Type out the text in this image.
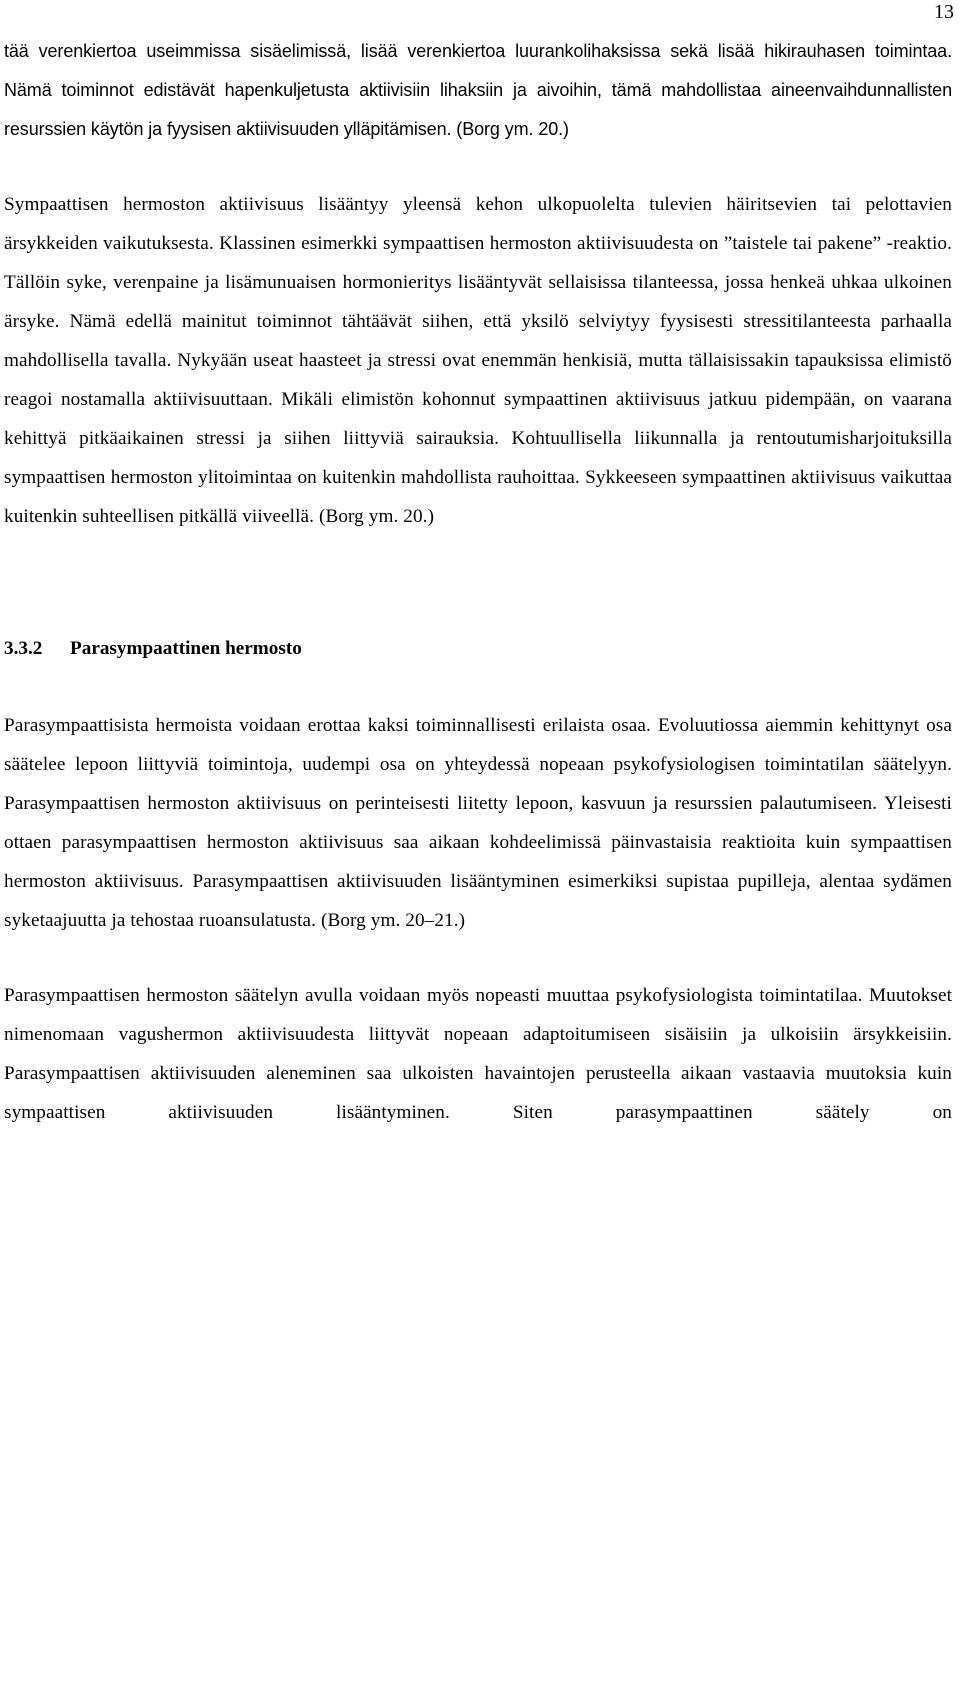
13

tää verenkiertoa useimmissa sisäelimissä, lisää verenkiertoa luurankolihaksissa sekä lisää hikirauhasen toimintaa. Nämä toiminnot edistävät hapenkuljetusta aktiivisiin lihaksiin ja aivoihin, tämä mahdollistaa aineenvaihdunnallisten resurssien käytön ja fyysisen aktiivisuuden ylläpitämisen. (Borg ym. 20.)

Sympaattisen hermoston aktiivisuus lisääntyy yleensä kehon ulkopuolelta tulevien häiritsevien tai pelottavien ärsykkeiden vaikutuksesta. Klassinen esimerkki sympaattisen hermoston aktiivisuudesta on ”taistele tai pakene” -reaktio. Tällöin syke, verenpaine ja lisämunuaisen hormonieritys lisääntyvät sellaisissa tilanteessa, jossa henkeä uhkaa ulkoinen ärsyke. Nämä edellä mainitut toiminnot tähtäävät siihen, että yksilö selviytyy fyysisesti stressitilanteesta parhaalla mahdollisella tavalla. Nykyään useat haasteet ja stressi ovat enemmän henkisiä, mutta tällaisissakin tapauksissa elimistö reagoi nostamalla aktiivisuuttaan. Mikäli elimistön kohonnut sympaattinen aktiivisuus jatkuu pidempään, on vaarana kehittyä pitkäaikainen stressi ja siihen liittyviä sairauksia. Kohtuullisella liikunnalla ja rentoutumisharjoituksilla sympaattisen hermoston ylitoimintaa on kuitenkin mahdollista rauhoittaa. Sykkeeseen sympaattinen aktiivisuus vaikuttaa kuitenkin suhteellisen pitkällä viiveellä. (Borg ym. 20.)

3.3.2	Parasympaattinen hermosto

Parasympaattisista hermoista voidaan erottaa kaksi toiminnallisesti erilaista osaa. Evoluutiossa aiemmin kehittynyt osa säätelee lepoon liittyviä toimintoja, uudempi osa on yhteydessä nopeaan psykofysiologisen toimintatilan säätelyyn. Parasympaattisen hermoston aktiivisuus on perinteisesti liitetty lepoon, kasvuun ja resurssien palautumiseen. Yleisesti ottaen parasympaattisen hermoston aktiivisuus saa aikaan kohdeelimissä päinvastaisia reaktioita kuin sympaattisen hermoston aktiivisuus. Parasympaattisen aktiivisuuden lisääntyminen esimerkiksi supistaa pupilleja, alentaa sydämen syketaajuutta ja tehostaa ruoansulatusta. (Borg ym. 20–21.)

Parasympaattisen hermoston säätelyn avulla voidaan myös nopeasti muuttaa psykofysiologista toimintatilaa. Muutokset nimenomaan vagushermon aktiivisuudesta liittyvät nopeaan adaptoitumiseen sisäisiin ja ulkoisiin ärsykkeisiin. Parasympaattisen aktiivisuuden aleneminen saa ulkoisten havaintojen perusteella aikaan vastaavia muutoksia kuin sympaattisen aktiivisuuden lisääntyminen. Siten parasympaattinen säätely on
